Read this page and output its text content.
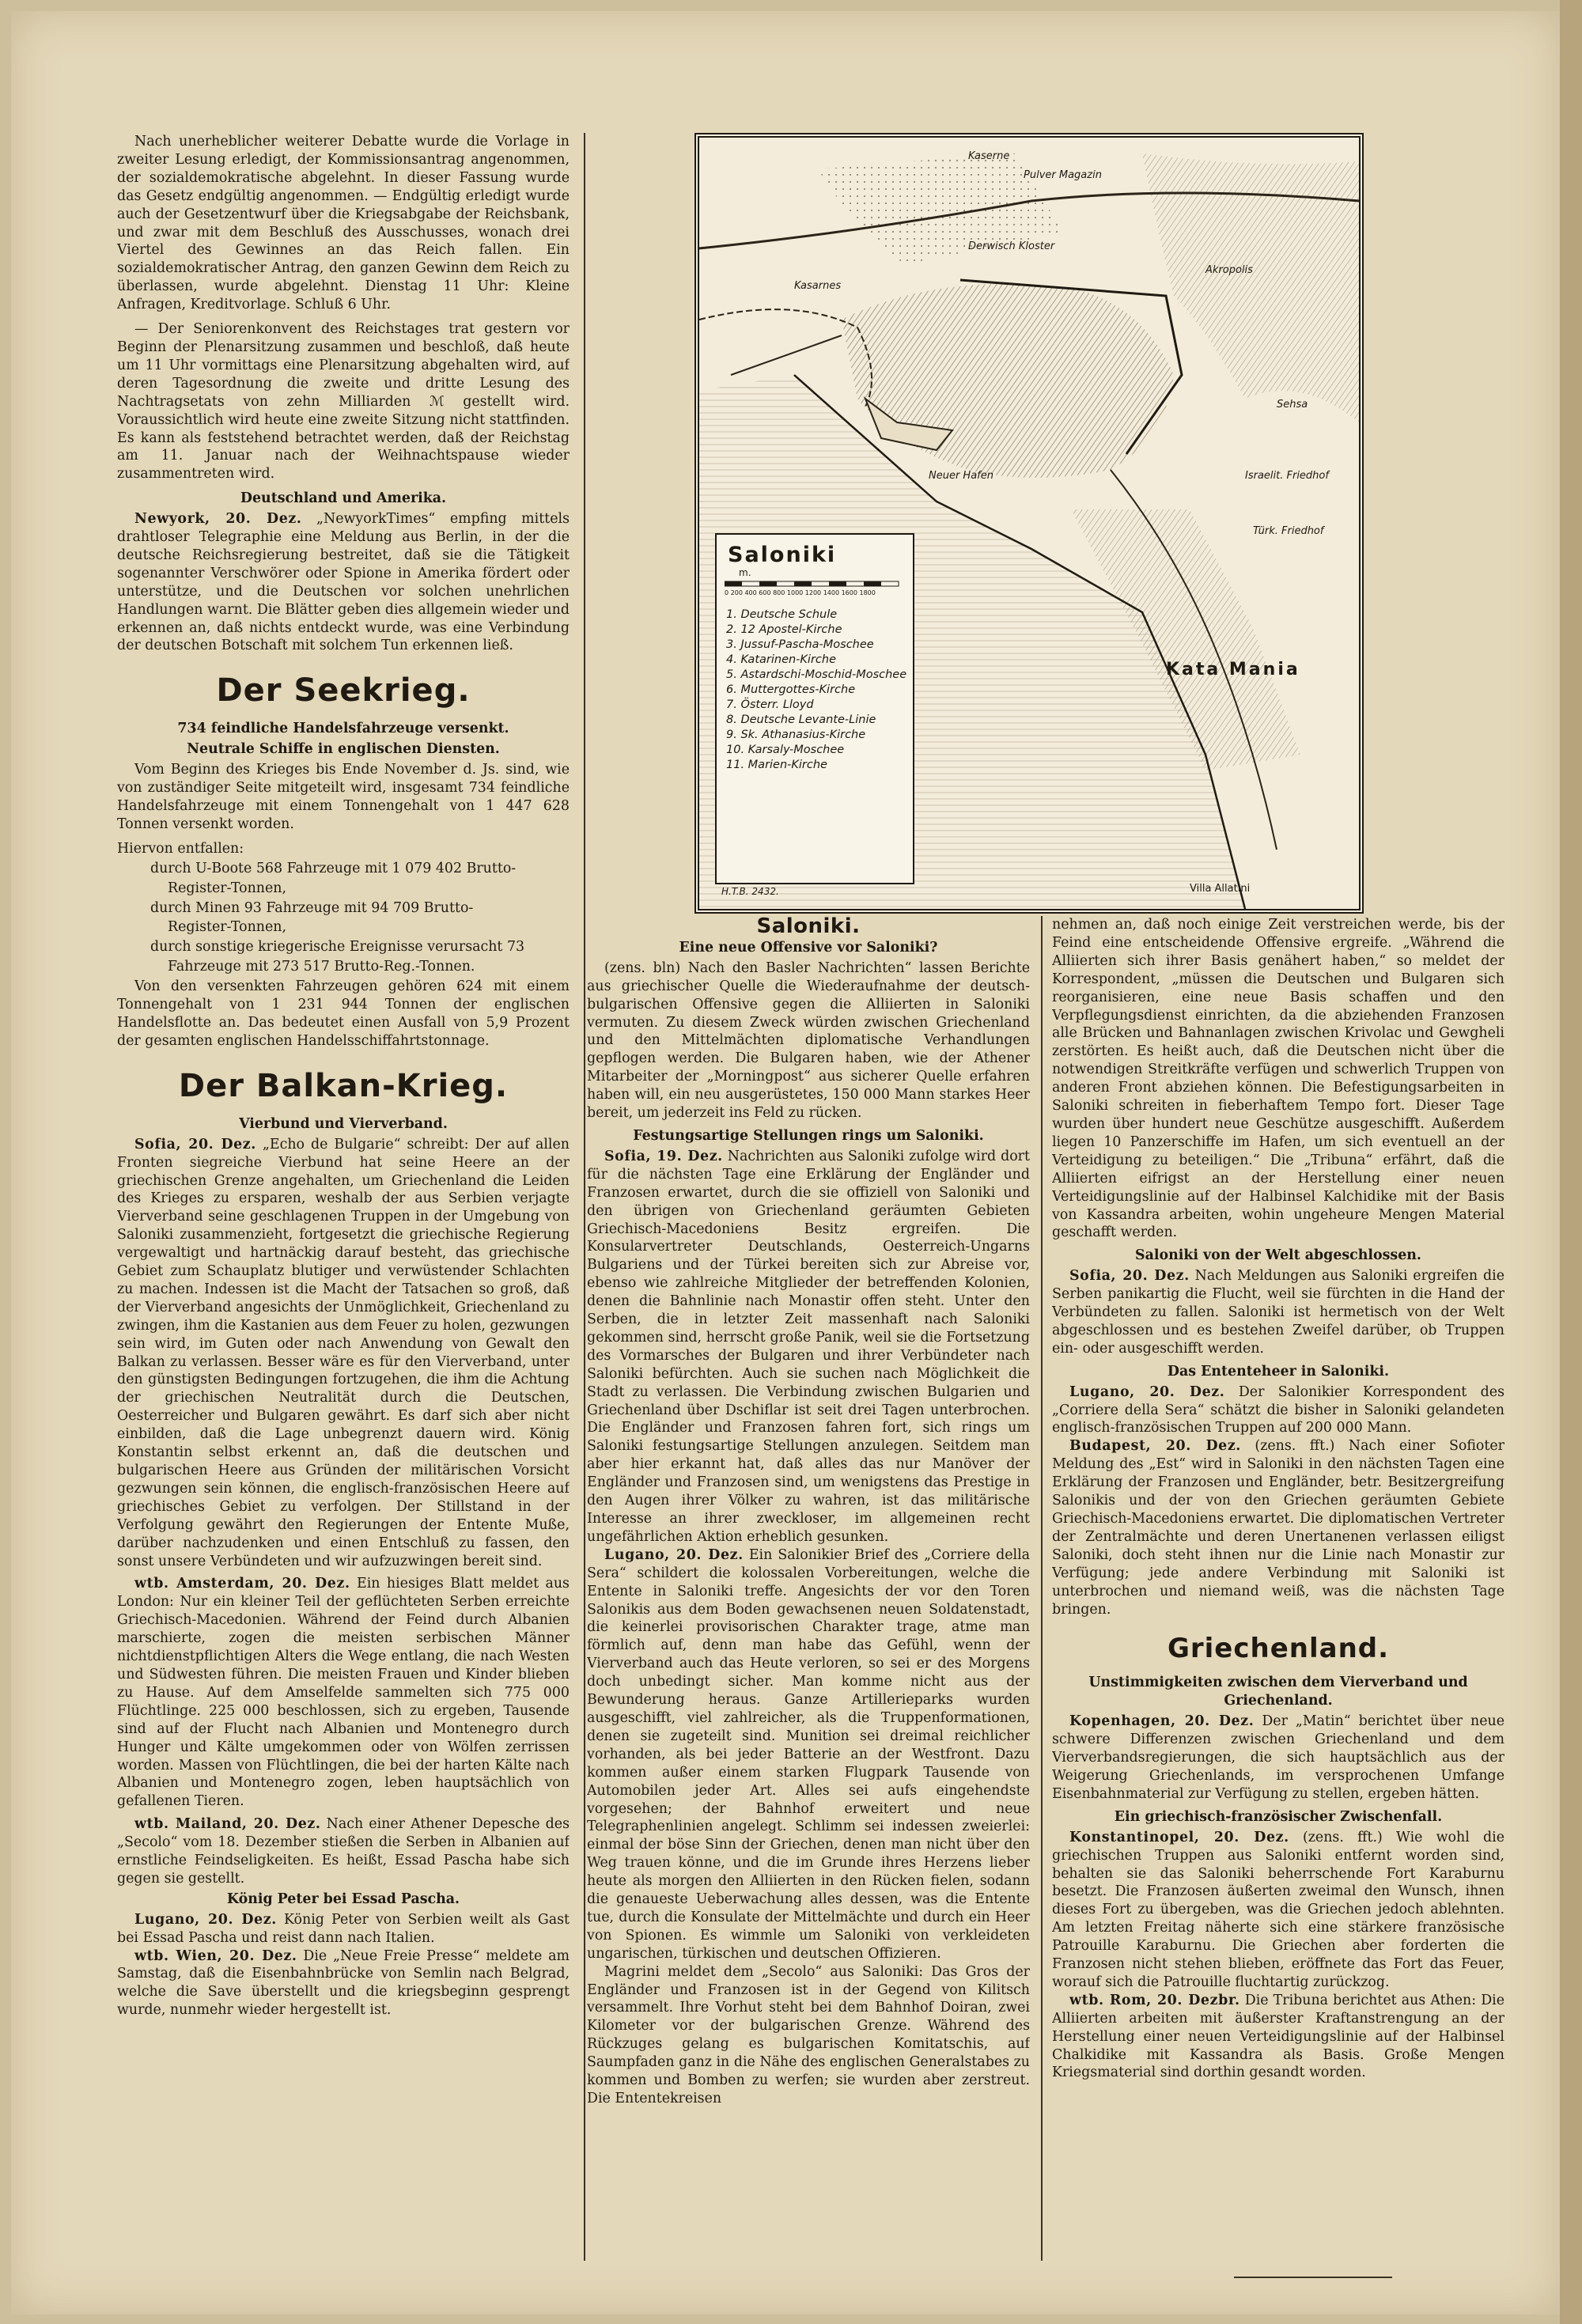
Nach unerheblicher weiterer Debatte wurde die Vorlage in zweiter Lesung erledigt, der Kommissionsantrag angenommen, der sozialdemokratische abgelehnt. In dieser Fassung wurde das Gesetz endgültig angenommen. — Endgültig erledigt wurde auch der Gesetzentwurf über die Kriegsabgabe der Reichsbank, und zwar mit dem Beschluß des Ausschusses, wonach drei Viertel des Gewinnes an das Reich fallen. Ein sozialdemokratischer Antrag, den ganzen Gewinn dem Reich zu überlassen, wurde abgelehnt. Dienstag 11 Uhr: Kleine Anfragen, Kreditvorlage. Schluß 6 Uhr.

— Der Seniorenkonvent des Reichstages trat gestern vor Beginn der Plenarsitzung zusammen und beschloß, daß heute um 11 Uhr vormittags eine Plenarsitzung abgehalten wird, auf deren Tagesordnung die zweite und dritte Lesung des Nachtragsetats von zehn Milliarden ℳ gestellt wird. Voraussichtlich wird heute eine zweite Sitzung nicht stattfinden. Es kann als feststehend betrachtet werden, daß der Reichstag am 11. Januar nach der Weihnachtspause wieder zusammentreten wird.

Deutschland und Amerika.

Newyork, 20. Dez. „NewyorkTimes“ empfing mittels drahtloser Telegraphie eine Meldung aus Berlin, in der die deutsche Reichsregierung bestreitet, daß sie die Tätigkeit sogenannter Verschwörer oder Spione in Amerika fördert oder unterstütze, und die Deutschen vor solchen unehrlichen Handlungen warnt. Die Blätter geben dies allgemein wieder und erkennen an, daß nichts entdeckt wurde, was eine Verbindung der deutschen Botschaft mit solchem Tun erkennen ließ.

Der Seekrieg.
734 feindliche Handelsfahrzeuge versenkt.
Neutrale Schiffe in englischen Diensten.

Vom Beginn des Krieges bis Ende November d. Js. sind, wie von zuständiger Seite mitgeteilt wird, insgesamt 734 feindliche Handelsfahrzeuge mit einem Tonnengehalt von 1 447 628 Tonnen versenkt worden.

Hiervon entfallen:

durch U-Boote 568 Fahrzeuge mit 1 079 402 Brutto-

Register-Tonnen,

durch Minen 93 Fahrzeuge mit 94 709 Brutto-

Register-Tonnen,

durch sonstige kriegerische Ereignisse verursacht 73

Fahrzeuge mit 273 517 Brutto-Reg.-Tonnen.

Von den versenkten Fahrzeugen gehören 624 mit einem Tonnengehalt von 1 231 944 Tonnen der englischen Handelsflotte an. Das bedeutet einen Ausfall von 5,9 Prozent der gesamten englischen Handelsschiffahrtstonnage.

Der Balkan-Krieg.
Vierbund und Vierverband.

Sofia, 20. Dez. „Echo de Bulgarie“ schreibt: Der auf allen Fronten siegreiche Vierbund hat seine Heere an der griechischen Grenze angehalten, um Griechenland die Leiden des Krieges zu ersparen, weshalb der aus Serbien verjagte Vierverband seine geschlagenen Truppen in der Umgebung von Saloniki zusammenzieht, fortgesetzt die griechische Regierung vergewaltigt und hartnäckig darauf besteht, das griechische Gebiet zum Schauplatz blutiger und verwüstender Schlachten zu machen. Indessen ist die Macht der Tatsachen so groß, daß der Vierverband angesichts der Unmöglichkeit, Griechenland zu zwingen, ihm die Kastanien aus dem Feuer zu holen, gezwungen sein wird, im Guten oder nach Anwendung von Gewalt den Balkan zu verlassen. Besser wäre es für den Vierverband, unter den günstigsten Bedingungen fortzugehen, die ihm die Achtung der griechischen Neutralität durch die Deutschen, Oesterreicher und Bulgaren gewährt. Es darf sich aber nicht einbilden, daß die Lage unbegrenzt dauern wird. König Konstantin selbst erkennt an, daß die deutschen und bulgarischen Heere aus Gründen der militärischen Vorsicht gezwungen sein können, die englisch-französischen Heere auf griechisches Gebiet zu verfolgen. Der Stillstand in der Verfolgung gewährt den Regierungen der Entente Muße, darüber nachzudenken und einen Entschluß zu fassen, den sonst unsere Verbündeten und wir aufzuzwingen bereit sind.

wtb. Amsterdam, 20. Dez. Ein hiesiges Blatt meldet aus London: Nur ein kleiner Teil der geflüchteten Serben erreichte Griechisch-Macedonien. Während der Feind durch Albanien marschierte, zogen die meisten serbischen Männer nichtdienstpflichtigen Alters die Wege entlang, die nach Westen und Südwesten führen. Die meisten Frauen und Kinder blieben zu Hause. Auf dem Amselfelde sammelten sich 775 000 Flüchtlinge. 225 000 beschlossen, sich zu ergeben, Tausende sind auf der Flucht nach Albanien und Montenegro durch Hunger und Kälte umgekommen oder von Wölfen zerrissen worden. Massen von Flüchtlingen, die bei der harten Kälte nach Albanien und Montenegro zogen, leben hauptsächlich von gefallenen Tieren.

wtb. Mailand, 20. Dez. Nach einer Athener Depesche des „Secolo“ vom 18. Dezember stießen die Serben in Albanien auf ernstliche Feindseligkeiten. Es heißt, Essad Pascha habe sich gegen sie gestellt.

König Peter bei Essad Pascha.

Lugano, 20. Dez. König Peter von Serbien weilt als Gast bei Essad Pascha und reist dann nach Italien.

wtb. Wien, 20. Dez. Die „Neue Freie Presse“ meldete am Samstag, daß die Eisenbahnbrücke von Semlin nach Belgrad, welche die Save überstellt und die kriegsbeginn gesprengt wurde, nunmehr wieder hergestellt ist.

Kaserne
Pulver Magazin
Derwisch Kloster
Akropolis
Sehsa
Israelit. Friedhof
Türk. Friedhof
Neuer Hafen
Kasarnes
Kata Mania
Saloniki
m.
0 200 400 600 800 1000 1200 1400 1600 1800
1. Deutsche Schule
2. 12 Apostel-Kirche
3. Jussuf-Pascha-Moschee
4. Katarinen-Kirche
5. Astardschi-Moschid-Moschee
6. Muttergottes-Kirche
7. Österr. Lloyd
8. Deutsche Levante-Linie
9. Sk. Athanasius-Kirche
10. Karsaly-Moschee
11. Marien-Kirche
H.T.B. 2432.	Villa Allatini
Saloniki.
Eine neue Offensive vor Saloniki?

(zens. bln) Nach den Basler Nachrichten“ lassen Berichte aus griechischer Quelle die Wiederaufnahme der deutsch-bulgarischen Offensive gegen die Alliierten in Saloniki vermuten. Zu diesem Zweck würden zwischen Griechenland und den Mittelmächten diplomatische Verhandlungen gepflogen werden. Die Bulgaren haben, wie der Athener Mitarbeiter der „Morningpost“ aus sicherer Quelle erfahren haben will, ein neu ausgerüstetes, 150 000 Mann starkes Heer bereit, um jederzeit ins Feld zu rücken.

Festungsartige Stellungen rings um Saloniki.

Sofia, 19. Dez. Nachrichten aus Saloniki zufolge wird dort für die nächsten Tage eine Erklärung der Engländer und Franzosen erwartet, durch die sie offiziell von Saloniki und den übrigen von Griechenland geräumten Gebieten Griechisch-Macedoniens Besitz ergreifen. Die Konsularvertreter Deutschlands, Oesterreich-Ungarns Bulgariens und der Türkei bereiten sich zur Abreise vor, ebenso wie zahlreiche Mitglieder der betreffenden Kolonien, denen die Bahnlinie nach Monastir offen steht. Unter den Serben, die in letzter Zeit massenhaft nach Saloniki gekommen sind, herrscht große Panik, weil sie die Fortsetzung des Vormarsches der Bulgaren und ihrer Verbündeter nach Saloniki befürchten. Auch sie suchen nach Möglichkeit die Stadt zu verlassen. Die Verbindung zwischen Bulgarien und Griechenland über Dschiflar ist seit drei Tagen unterbrochen. Die Engländer und Franzosen fahren fort, sich rings um Saloniki festungsartige Stellungen anzulegen. Seitdem man aber hier erkannt hat, daß alles das nur Manöver der Engländer und Franzosen sind, um wenigstens das Prestige in den Augen ihrer Völker zu wahren, ist das militärische Interesse an ihrer zweckloser, im allgemeinen recht ungefährlichen Aktion erheblich gesunken.

Lugano, 20. Dez. Ein Salonikier Brief des „Corriere della Sera“ schildert die kolossalen Vorbereitungen, welche die Entente in Saloniki treffe. Angesichts der vor den Toren Salonikis aus dem Boden gewachsenen neuen Soldatenstadt, die keinerlei provisorischen Charakter trage, atme man förmlich auf, denn man habe das Gefühl, wenn der Vierverband auch das Heute verloren, so sei er des Morgens doch unbedingt sicher. Man komme nicht aus der Bewunderung heraus. Ganze Artillerieparks wurden ausgeschifft, viel zahlreicher, als die Truppenformationen, denen sie zugeteilt sind. Munition sei dreimal reichlicher vorhanden, als bei jeder Batterie an der Westfront. Dazu kommen außer einem starken Flugpark Tausende von Automobilen jeder Art. Alles sei aufs eingehendste vorgesehen; der Bahnhof erweitert und neue Telegraphenlinien angelegt. Schlimm sei indessen zweierlei: einmal der böse Sinn der Griechen, denen man nicht über den Weg trauen könne, und die im Grunde ihres Herzens lieber heute als morgen den Alliierten in den Rücken fielen, sodann die genaueste Ueberwachung alles dessen, was die Entente tue, durch die Konsulate der Mittelmächte und durch ein Heer von Spionen. Es wimmle um Saloniki von verkleideten ungarischen, türkischen und deutschen Offizieren.

Magrini meldet dem „Secolo“ aus Saloniki: Das Gros der Engländer und Franzosen ist in der Gegend von Kilitsch versammelt. Ihre Vorhut steht bei dem Bahnhof Doiran, zwei Kilometer vor der bulgarischen Grenze. Während des Rückzuges gelang es bulgarischen Komitatschis, auf Saumpfaden ganz in die Nähe des englischen Generalstabes zu kommen und Bomben zu werfen; sie wurden aber zerstreut. Die Ententekreisen

nehmen an, daß noch einige Zeit verstreichen werde, bis der Feind eine entscheidende Offensive ergreife. „Während die Alliierten sich ihrer Basis genähert haben,“ so meldet der Korrespondent, „müssen die Deutschen und Bulgaren sich reorganisieren, eine neue Basis schaffen und den Verpflegungsdienst einrichten, da die abziehenden Franzosen alle Brücken und Bahnanlagen zwischen Krivolac und Gewgheli zerstörten. Es heißt auch, daß die Deutschen nicht über die notwendigen Streitkräfte verfügen und schwerlich Truppen von anderen Front abziehen können. Die Befestigungsarbeiten in Saloniki schreiten in fieberhaftem Tempo fort. Dieser Tage wurden über hundert neue Geschütze ausgeschifft. Außerdem liegen 10 Panzerschiffe im Hafen, um sich eventuell an der Verteidigung zu beteiligen.“ Die „Tribuna“ erfährt, daß die Alliierten eifrigst an der Herstellung einer neuen Verteidigungslinie auf der Halbinsel Kalchidike mit der Basis von Kassandra arbeiten, wohin ungeheure Mengen Material geschafft werden.

Saloniki von der Welt abgeschlossen.

Sofia, 20. Dez. Nach Meldungen aus Saloniki ergreifen die Serben panikartig die Flucht, weil sie fürchten in die Hand der Verbündeten zu fallen. Saloniki ist hermetisch von der Welt abgeschlossen und es bestehen Zweifel darüber, ob Truppen ein- oder ausgeschifft werden.

Das Ententeheer in Saloniki.

Lugano, 20. Dez. Der Salonikier Korrespondent des „Corriere della Sera“ schätzt die bisher in Saloniki gelandeten englisch-französischen Truppen auf 200 000 Mann.

Budapest, 20. Dez. (zens. fft.) Nach einer Sofioter Meldung des „Est“ wird in Saloniki in den nächsten Tagen eine Erklärung der Franzosen und Engländer, betr. Besitzergreifung Salonikis und der von den Griechen geräumten Gebiete Griechisch-Macedoniens erwartet. Die diplomatischen Vertreter der Zentralmächte und deren Unertanenen verlassen eiligst Saloniki, doch steht ihnen nur die Linie nach Monastir zur Verfügung; jede andere Verbindung mit Saloniki ist unterbrochen und niemand weiß, was die nächsten Tage bringen.

Griechenland.
Unstimmigkeiten zwischen dem Vierverband und Griechenland.

Kopenhagen, 20. Dez. Der „Matin“ berichtet über neue schwere Differenzen zwischen Griechenland und dem Vierverbandsregierungen, die sich hauptsächlich aus der Weigerung Griechenlands, im versprochenen Umfange Eisenbahnmaterial zur Verfügung zu stellen, ergeben hätten.

Ein griechisch-französischer Zwischenfall.

Konstantinopel, 20. Dez. (zens. fft.) Wie wohl die griechischen Truppen aus Saloniki entfernt worden sind, behalten sie das Saloniki beherrschende Fort Karaburnu besetzt. Die Franzosen äußerten zweimal den Wunsch, ihnen dieses Fort zu übergeben, was die Griechen jedoch ablehnten. Am letzten Freitag näherte sich eine stärkere französische Patrouille Karaburnu. Die Griechen aber forderten die Franzosen nicht stehen blieben, eröffnete das Fort das Feuer, worauf sich die Patrouille fluchtartig zurückzog.

wtb. Rom, 20. Dezbr. Die Tribuna berichtet aus Athen: Die Alliierten arbeiten mit äußerster Kraftanstrengung an der Herstellung einer neuen Verteidigungslinie auf der Halbinsel Chalkidike mit Kassandra als Basis. Große Mengen Kriegsmaterial sind dorthin gesandt worden.
